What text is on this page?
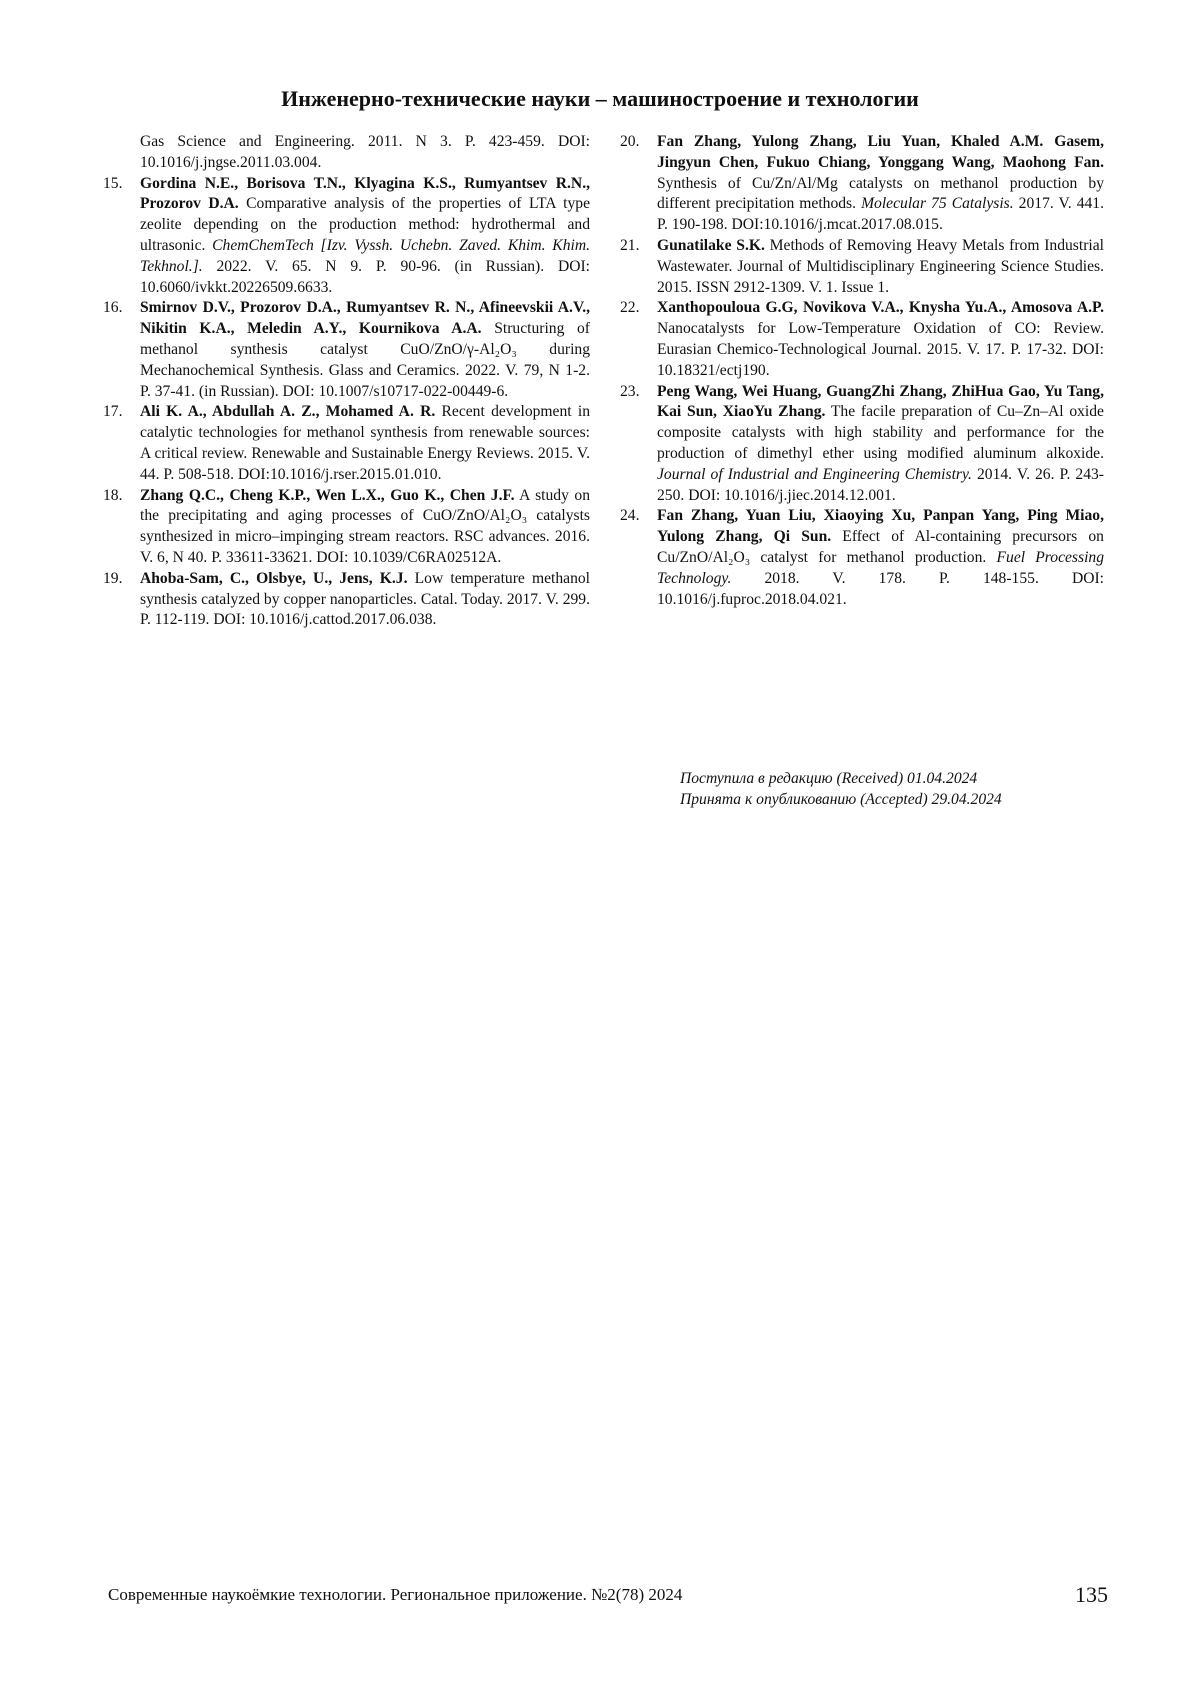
Инженерно-технические науки – машиностроение и технологии
Gas Science and Engineering. 2011. N 3. P. 423-459. DOI: 10.1016/j.jngse.2011.03.004.
15. Gordina N.E., Borisova T.N., Klyagina K.S., Rumyantsev R.N., Prozorov D.A. Comparative analysis of the properties of LTA type zeolite depending on the production method: hydrothermal and ultrasonic. ChemChemTech [Izv. Vyssh. Uchebn. Zaved. Khim. Khim. Tekhnol.]. 2022. V. 65. N 9. P. 90-96. (in Russian). DOI: 10.6060/ivkkt.20226509.6633.
16. Smirnov D.V., Prozorov D.A., Rumyantsev R. N., Afineevskii A.V., Nikitin K.A., Meledin A.Y., Kournikova A.A. Structuring of methanol synthesis catalyst CuO/ZnO/γ-Al₂O₃ during Mechanochemical Synthesis. Glass and Ceramics. 2022. V. 79, N 1-2. P. 37-41. (in Russian). DOI: 10.1007/s10717-022-00449-6.
17. Ali K. A., Abdullah A. Z., Mohamed A. R. Recent development in catalytic technologies for methanol synthesis from renewable sources: A critical review. Renewable and Sustainable Energy Reviews. 2015. V. 44. P. 508-518. DOI:10.1016/j.rser.2015.01.010.
18. Zhang Q.C., Cheng K.P., Wen L.X., Guo K., Chen J.F. A study on the precipitating and aging processes of CuO/ZnO/Al₂O₃ catalysts synthesized in micro–impinging stream reactors. RSC advances. 2016. V. 6, N 40. P. 33611-33621. DOI: 10.1039/C6RA02512A.
19. Ahoba-Sam, C., Olsbye, U., Jens, K.J. Low temperature methanol synthesis catalyzed by copper nanoparticles. Catal. Today. 2017. V. 299. P. 112-119. DOI: 10.1016/j.cattod.2017.06.038.
20. Fan Zhang, Yulong Zhang, Liu Yuan, Khaled A.M. Gasem, Jingyun Chen, Fukuo Chiang, Yonggang Wang, Maohong Fan. Synthesis of Cu/Zn/Al/Mg catalysts on methanol production by different precipitation methods. Molecular 75 Catalysis. 2017. V. 441. P. 190-198. DOI:10.1016/j.mcat.2017.08.015.
21. Gunatilake S.K. Methods of Removing Heavy Metals from Industrial Wastewater. Journal of Multidisciplinary Engineering Science Studies. 2015. ISSN 2912-1309. V. 1. Issue 1.
22. Xanthopouloua G.G, Novikova V.A., Knysha Yu.A., Amosova A.P. Nanocatalysts for Low-Temperature Oxidation of CO: Review. Eurasian Chemico-Technological Journal. 2015. V. 17. P. 17-32. DOI: 10.18321/ectj190.
23. Peng Wang, Wei Huang, GuangZhi Zhang, ZhiHua Gao, Yu Tang, Kai Sun, XiaoYu Zhang. The facile preparation of Cu–Zn–Al oxide composite catalysts with high stability and performance for the production of dimethyl ether using modified aluminum alkoxide. Journal of Industrial and Engineering Chemistry. 2014. V. 26. P. 243-250. DOI: 10.1016/j.jiec.2014.12.001.
24. Fan Zhang, Yuan Liu, Xiaoying Xu, Panpan Yang, Ping Miao, Yulong Zhang, Qi Sun. Effect of Al-containing precursors on Cu/ZnO/Al₂O₃ catalyst for methanol production. Fuel Processing Technology. 2018. V. 178. P. 148-155. DOI: 10.1016/j.fuproc.2018.04.021.
Поступила в редакцию (Received) 01.04.2024
Принята к опубликованию (Accepted) 29.04.2024
Современные наукоёмкие технологии. Региональное приложение. №2(78) 2024	135
